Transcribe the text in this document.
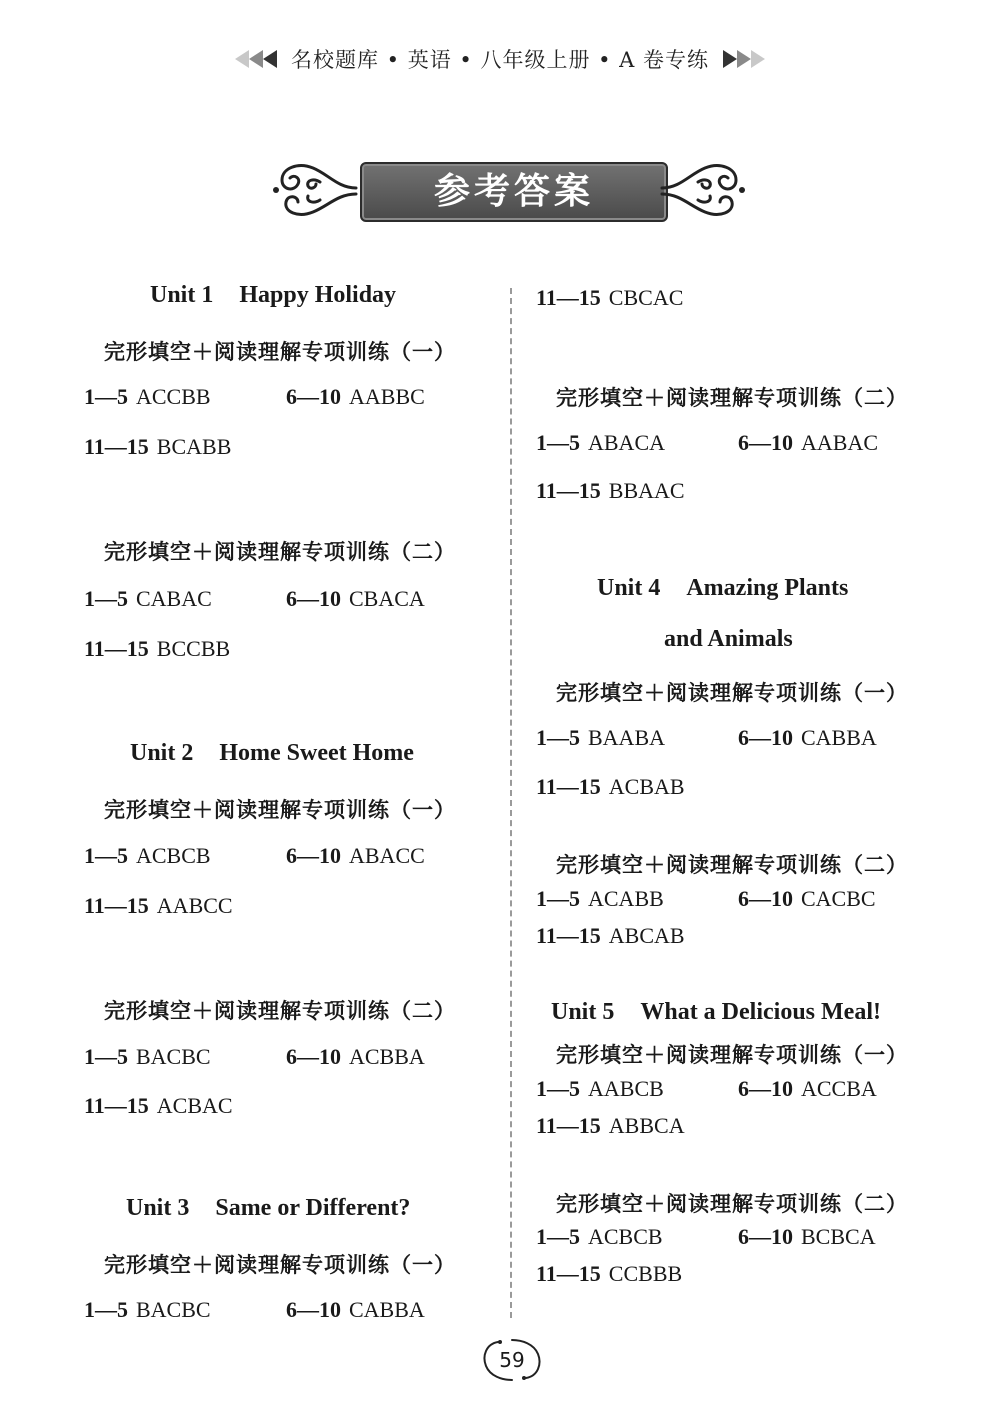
名校题库 • 英语 • 八年级上册 • A 卷专练
参考答案
Unit 1 Happy Holiday
完形填空＋阅读理解专项训练（一）
1—5 ACCBB	6—10 AABBC
11—15 BCABB
完形填空＋阅读理解专项训练（二）
1—5 CABAC	6—10 CBACA
11—15 BCCBB
Unit 2 Home Sweet Home
完形填空＋阅读理解专项训练（一）
1—5 ACBCB	6—10 ABACC
11—15 AABCC
完形填空＋阅读理解专项训练（二）
1—5 BACBC	6—10 ACBBA
11—15 ACBAC
Unit 3 Same or Different?
完形填空＋阅读理解专项训练（一）
1—5 BACBC	6—10 CABBA
11—15 CBCAC
完形填空＋阅读理解专项训练（二）
1—5 ABACA	6—10 AABAC
11—15 BBAAC
Unit 4 Amazing Plants
and Animals
完形填空＋阅读理解专项训练（一）
1—5 BAABA	6—10 CABBA
11—15 ACBAB
完形填空＋阅读理解专项训练（二）
1—5 ACABB	6—10 CACBC
11—15 ABCAB
Unit 5 What a Delicious Meal!
完形填空＋阅读理解专项训练（一）
1—5 AABCB	6—10 ACCBA
11—15 ABBCA
完形填空＋阅读理解专项训练（二）
1—5 ACBCB	6—10 BCBCA
11—15 CCBBB
59
